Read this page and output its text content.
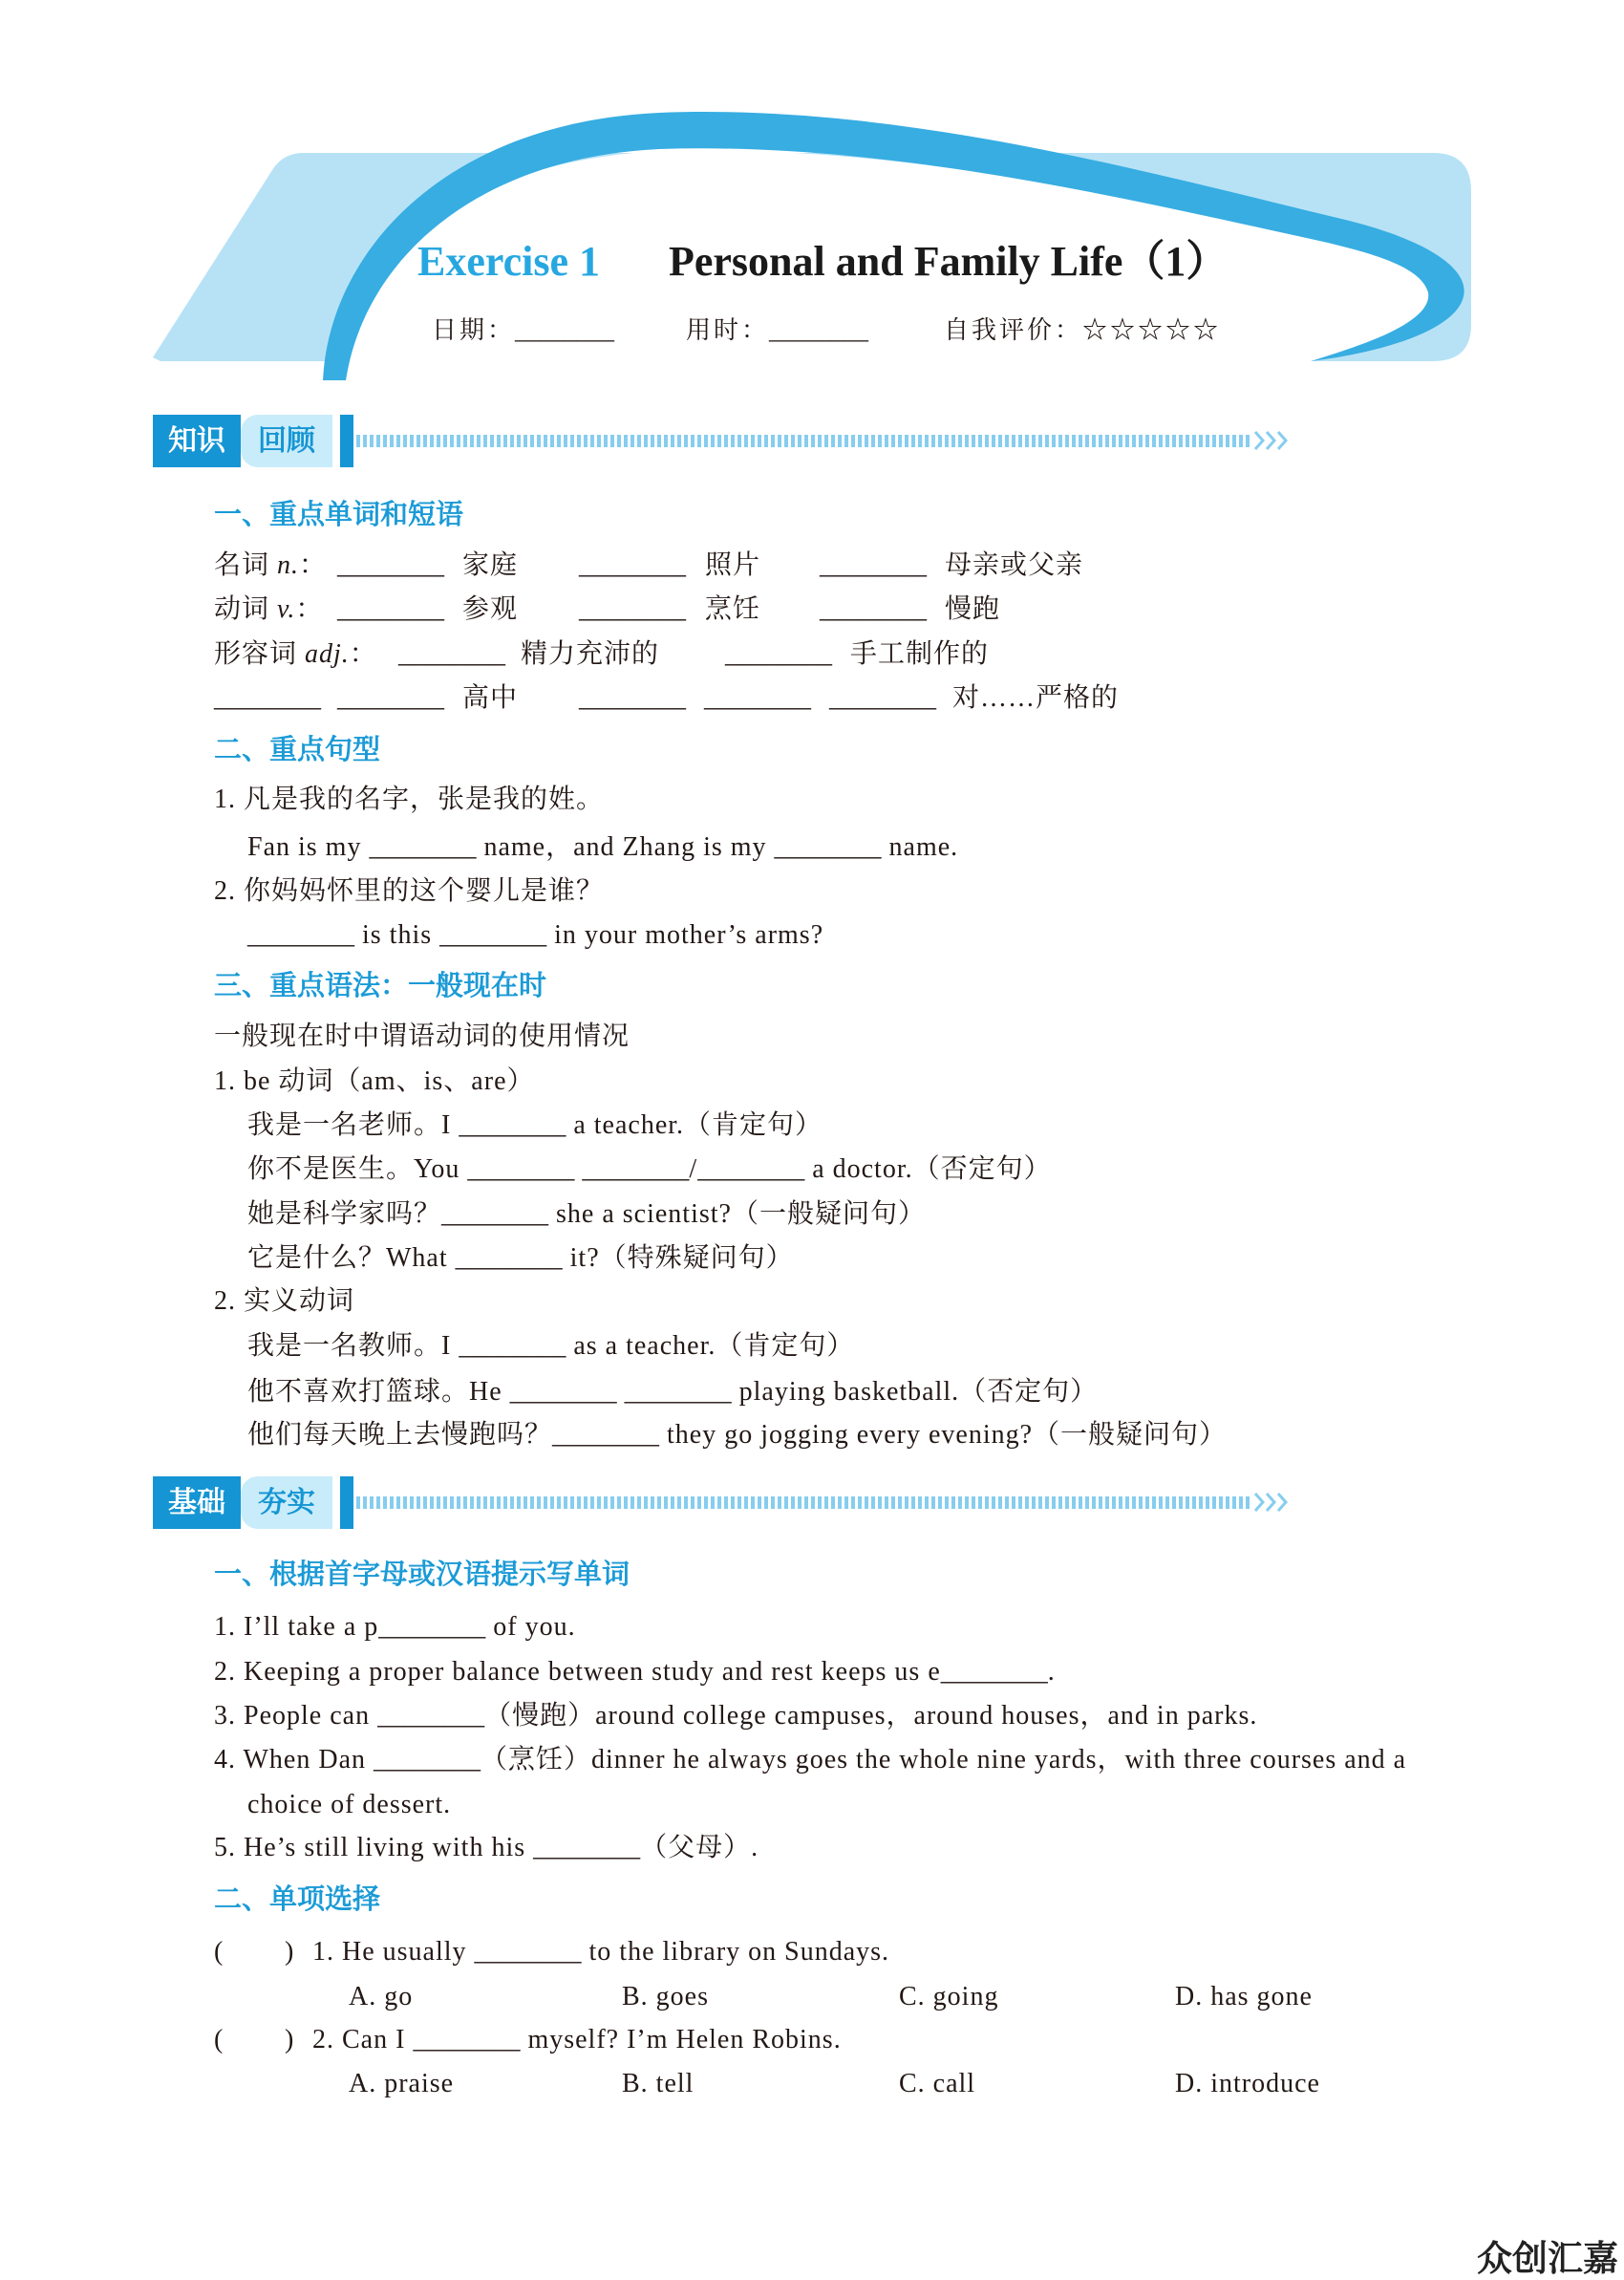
Exercise 1 Personal and Family Life（1）
日期：________	用时：________	自我评价：☆☆☆☆☆
知识	回顾
一、重点单词和短语
名词 n.： ________ 家庭 ________ 照片 ________ 母亲或父亲
动词 v.： ________ 参观 ________ 烹饪 ________ 慢跑
形容词 adj.： ________ 精力充沛的 ________ 手工制作的
________ ________ 高中 ________ ________ ________ 对……严格的
二、重点句型
1. 凡是我的名字，张是我的姓。
Fan is my ________ name，and Zhang is my ________ name.
2. 你妈妈怀里的这个婴儿是谁？
________ is this ________ in your mother’s arms?
三、重点语法：一般现在时
一般现在时中谓语动词的使用情况
1. be 动词（am、is、are）
我是一名老师。I ________ a teacher.（肯定句）
你不是医生。You ________ ________/________ a doctor.（否定句）
她是科学家吗？________ she a scientist?（一般疑问句）
它是什么？What ________ it?（特殊疑问句）
2. 实义动词
我是一名教师。I ________ as a teacher.（肯定句）
他不喜欢打篮球。He ________ ________ playing basketball.（否定句）
他们每天晚上去慢跑吗？________ they go jogging every evening?（一般疑问句）
基础	夯实
一、根据首字母或汉语提示写单词
1. I’ll take a p________ of you.
2. Keeping a proper balance between study and rest keeps us e________.
3. People can ________（慢跑）around college campuses，around houses，and in parks.
4. When Dan ________（烹饪）dinner he always goes the whole nine yards，with three courses and a
choice of dessert.
5. He’s still living with his ________（父母）.
二、单项选择
( ) 1. He usually ________ to the library on Sundays.
A. go	B. goes	C. going	D. has gone
( ) 2. Can I ________ myself? I’m Helen Robins.
A. praise	B. tell	C. call	D. introduce
众创汇嘉
